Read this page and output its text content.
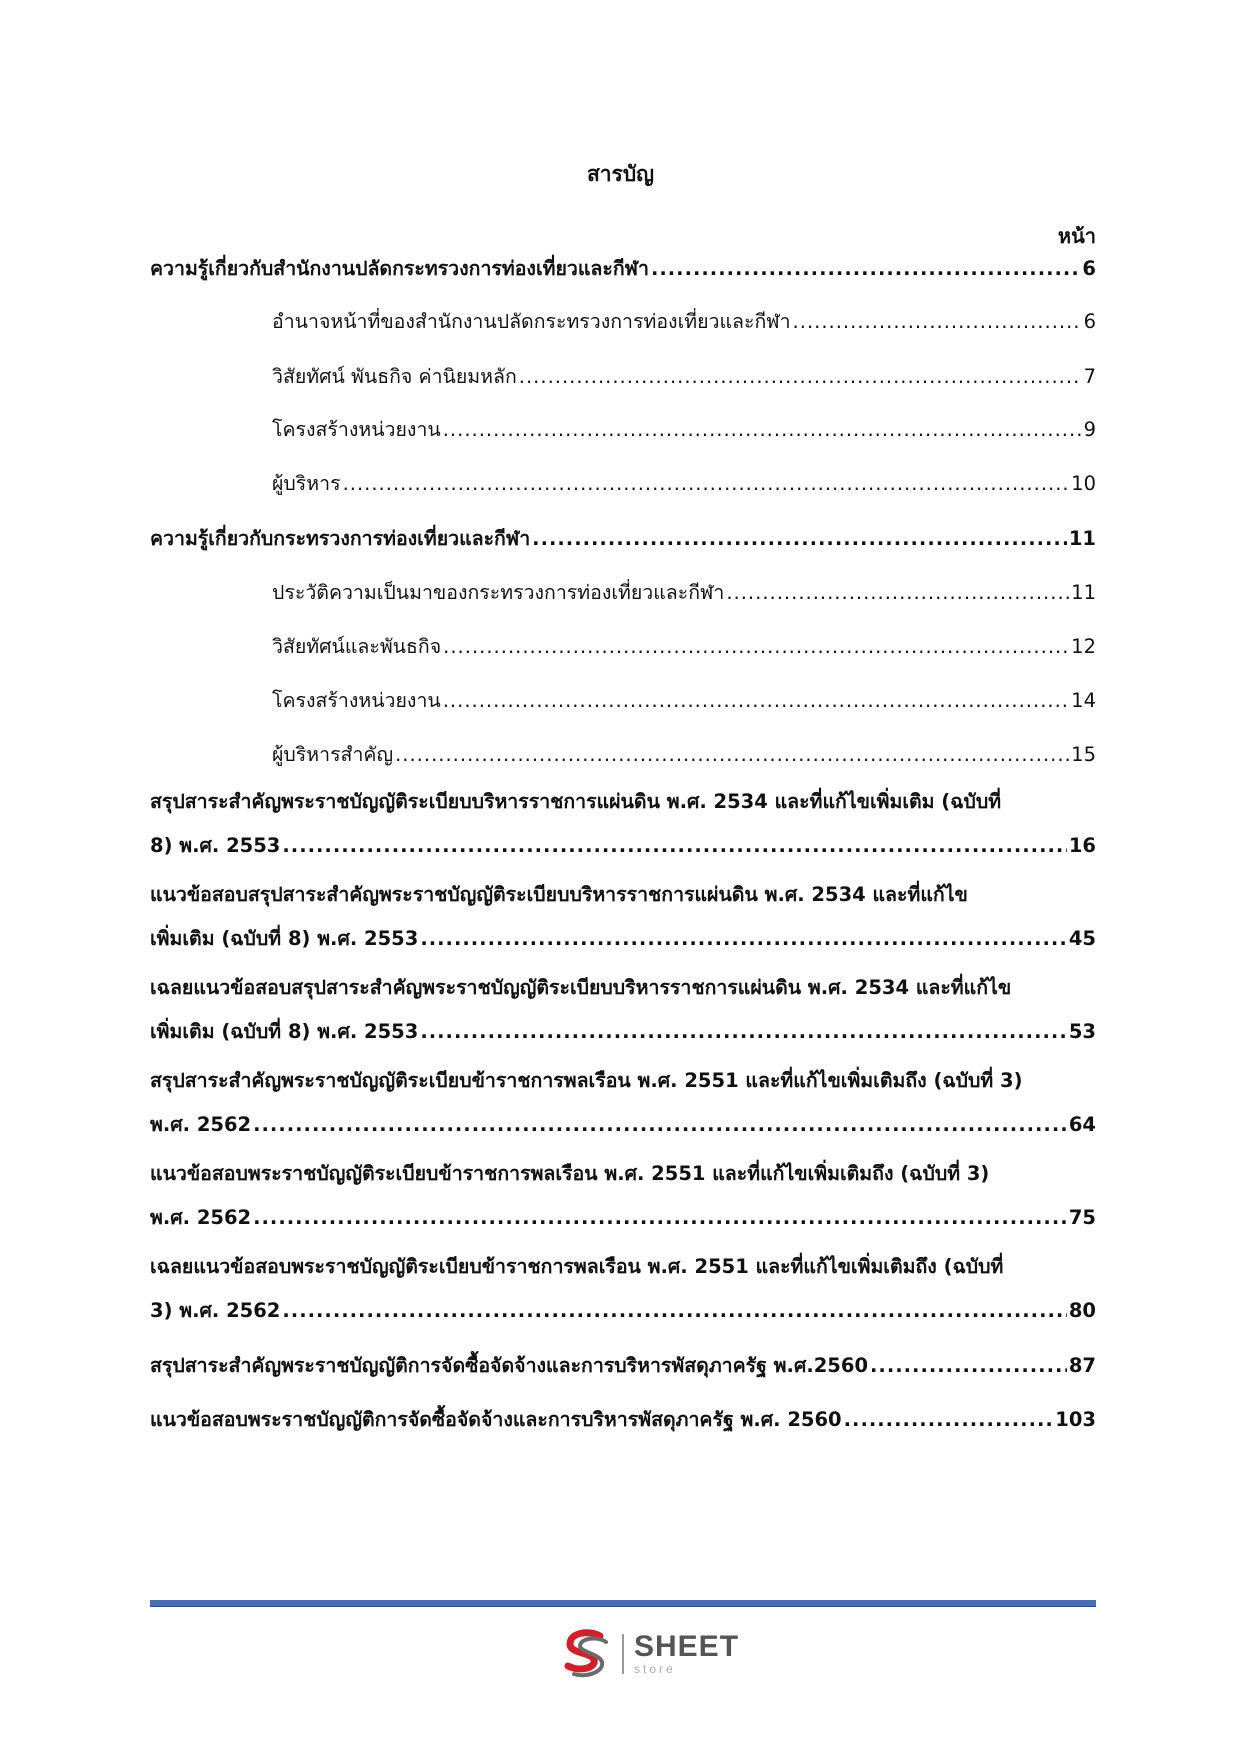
สารบัญ
หน้า
ความรู้เกี่ยวกับสำนักงานปลัดกระทรวงการท่องเที่ยวและกีฬา .....	6
อำนาจหน้าที่ของสำนักงานปลัดกระทรวงการท่องเที่ยวและกีฬา .....	6
วิสัยทัศน์ พันธกิจ ค่านิยมหลัก .....	7
โครงสร้างหน่วยงาน .....	9
ผู้บริหาร .....	10
ความรู้เกี่ยวกับกระทรวงการท่องเที่ยวและกีฬา .....	11
ประวัติความเป็นมาของกระทรวงการท่องเที่ยวและกีฬา .....	11
วิสัยทัศน์และพันธกิจ .....	12
โครงสร้างหน่วยงาน .....	14
ผู้บริหารสำคัญ .....	15
สรุปสาระสำคัญพระราชบัญญัติระเบียบบริหารราชการแผ่นดิน พ.ศ. 2534 และที่แก้ไขเพิ่มเติม (ฉบับที่
8) พ.ศ. 2553 .....	16
แนวข้อสอบสรุปสาระสำคัญพระราชบัญญัติระเบียบบริหารราชการแผ่นดิน พ.ศ. 2534 และที่แก้ไข
เพิ่มเติม (ฉบับที่ 8) พ.ศ. 2553 .....	45
เฉลยแนวข้อสอบสรุปสาระสำคัญพระราชบัญญัติระเบียบบริหารราชการแผ่นดิน พ.ศ. 2534 และที่แก้ไข
เพิ่มเติม (ฉบับที่ 8) พ.ศ. 2553 .....	53
สรุปสาระสำคัญพระราชบัญญัติระเบียบข้าราชการพลเรือน พ.ศ. 2551 และที่แก้ไขเพิ่มเติมถึง (ฉบับที่ 3)
พ.ศ. 2562 .....	64
แนวข้อสอบพระราชบัญญัติระเบียบข้าราชการพลเรือน พ.ศ. 2551 และที่แก้ไขเพิ่มเติมถึง (ฉบับที่ 3)
พ.ศ. 2562 .....	75
เฉลยแนวข้อสอบพระราชบัญญัติระเบียบข้าราชการพลเรือน พ.ศ. 2551 และที่แก้ไขเพิ่มเติมถึง (ฉบับที่
3) พ.ศ. 2562 .....	80
สรุปสาระสำคัญพระราชบัญญัติการจัดซื้อจัดจ้างและการบริหารพัสดุภาครัฐ พ.ศ.2560 .....	87
แนวข้อสอบพระราชบัญญัติการจัดซื้อจัดจ้างและการบริหารพัสดุภาครัฐ พ.ศ. 2560 .....	103
SHEET
store
